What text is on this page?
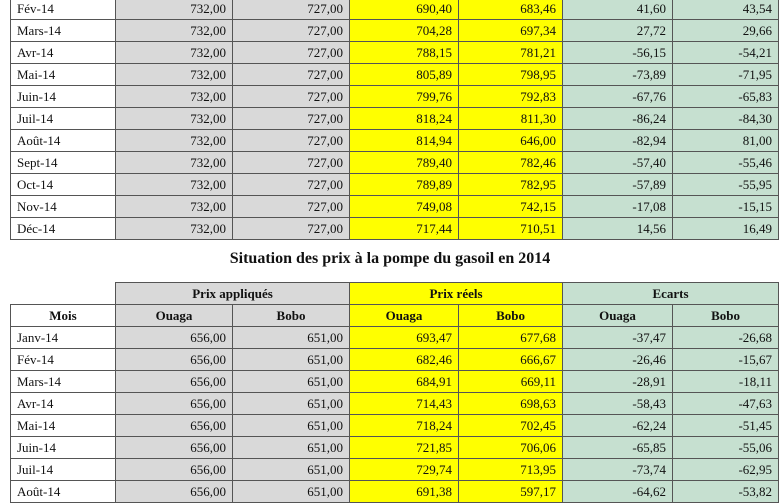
Fév-14	732,00	727,00	690,40	683,46	41,60	43,54
Mars-14	732,00	727,00	704,28	697,34	27,72	29,66
Avr-14	732,00	727,00	788,15	781,21	-56,15	-54,21
Mai-14	732,00	727,00	805,89	798,95	-73,89	-71,95
Juin-14	732,00	727,00	799,76	792,83	-67,76	-65,83
Juil-14	732,00	727,00	818,24	811,30	-86,24	-84,30
Août-14	732,00	727,00	814,94	646,00	-82,94	81,00
Sept-14	732,00	727,00	789,40	782,46	-57,40	-55,46
Oct-14	732,00	727,00	789,89	782,95	-57,89	-55,95
Nov-14	732,00	727,00	749,08	742,15	-17,08	-15,15
Déc-14	732,00	727,00	717,44	710,51	14,56	16,49
Situation des prix à la pompe du gasoil en 2014
	Prix appliqués		Prix réels		Ecarts	
Mois	Ouaga	Bobo	Ouaga	Bobo	Ouaga	Bobo
Janv-14	656,00	651,00	693,47	677,68	-37,47	-26,68
Fév-14	656,00	651,00	682,46	666,67	-26,46	-15,67
Mars-14	656,00	651,00	684,91	669,11	-28,91	-18,11
Avr-14	656,00	651,00	714,43	698,63	-58,43	-47,63
Mai-14	656,00	651,00	718,24	702,45	-62,24	-51,45
Juin-14	656,00	651,00	721,85	706,06	-65,85	-55,06
Juil-14	656,00	651,00	729,74	713,95	-73,74	-62,95
Août-14	656,00	651,00	691,38	597,17	-64,62	-53,82
